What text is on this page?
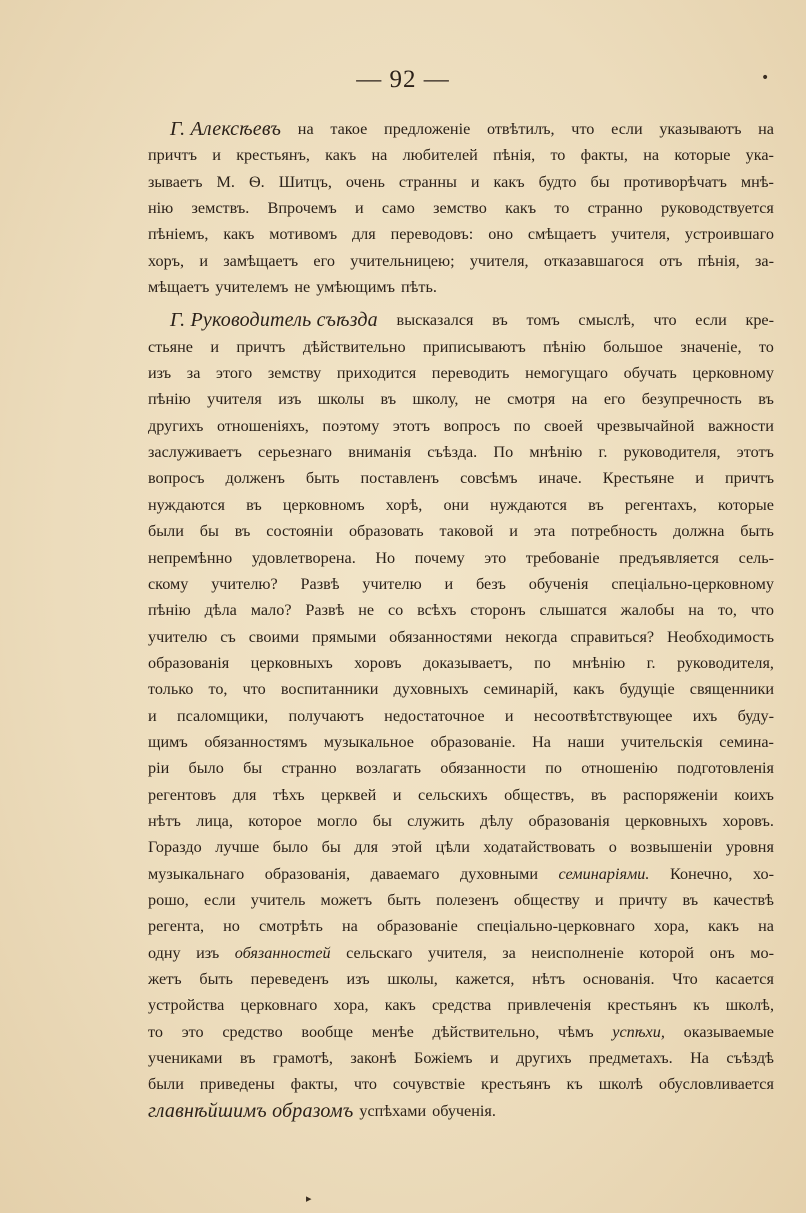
— 92 —	•
Г. Алексѣевъ на такое предложеніе отвѣтилъ, что если указываютъ на
причтъ и крестьянъ, какъ на любителей пѣнія, то факты, на которые ука-
зываетъ М. Ѳ. Шитцъ, очень странны и какъ будто бы противорѣчатъ мнѣ-
нію земствъ. Впрочемъ и само земство какъ то странно руководствуется
пѣніемъ, какъ мотивомъ для переводовъ: оно смѣщаетъ учителя, устроившаго
хоръ, и замѣщаетъ его учительницею; учителя, отказавшагося отъ пѣнія, за-
мѣщаетъ учителемъ не умѣющимъ пѣть.
Г. Руководитель съѣзда высказался въ томъ смыслѣ, что если кре-
стьяне и причтъ дѣйствительно приписываютъ пѣнію большое значеніе, то
изъ за этого земству приходится переводить немогущаго обучать церковному
пѣнію учителя изъ школы въ школу, не смотря на его безупречность въ
другихъ отношеніяхъ, поэтому этотъ вопросъ по своей чрезвычайной важности
заслуживаетъ серьезнаго вниманія съѣзда. По мнѣнію г. руководителя, этотъ
вопросъ долженъ быть поставленъ совсѣмъ иначе. Крестьяне и причтъ
нуждаются въ церковномъ хорѣ, они нуждаются въ регентахъ, которые
были бы въ состояніи образовать таковой и эта потребность должна быть
непремѣнно удовлетворена. Но почему это требованіе предъявляется сель-
скому учителю? Развѣ учителю и безъ обученія спеціально-церковному
пѣнію дѣла мало? Развѣ не со всѣхъ сторонъ слышатся жалобы на то, что
учителю съ своими прямыми обязанностями некогда справиться? Необходимость
образованія церковныхъ хоровъ доказываетъ, по мнѣнію г. руководителя,
только то, что воспитанники духовныхъ семинарій, какъ будущіе священники
и псаломщики, получаютъ недостаточное и несоотвѣтствующее ихъ буду-
щимъ обязанностямъ музыкальное образованіе. На наши учительскія семина-
ріи было бы странно возлагать обязанности по отношенію подготовленія
регентовъ для тѣхъ церквей и сельскихъ обществъ, въ распоряженіи коихъ
нѣтъ лица, которое могло бы служить дѣлу образованія церковныхъ хоровъ.
Гораздо лучше было бы для этой цѣли ходатайствовать о возвышеніи уровня
музыкальнаго образованія, даваемаго духовными семинаріями. Конечно, хо-
рошо, если учитель можетъ быть полезенъ обществу и причту въ качествѣ
регента, но смотрѣть на образованіе спеціально-церковнаго хора, какъ на
одну изъ обязанностей сельскаго учителя, за неисполненіе которой онъ мо-
жетъ быть переведенъ изъ школы, кажется, нѣтъ основанія. Что касается
устройства церковнаго хора, какъ средства привлеченія крестьянъ къ школѣ,
то это средство вообще менѣе дѣйствительно, чѣмъ успѣхи, оказываемые
учениками въ грамотѣ, законѣ Божіемъ и другихъ предметахъ. На съѣздѣ
были приведены факты, что сочувствіе крестьянъ къ школѣ обусловливается
главнѣйшимъ образомъ успѣхами обученія.
▸
